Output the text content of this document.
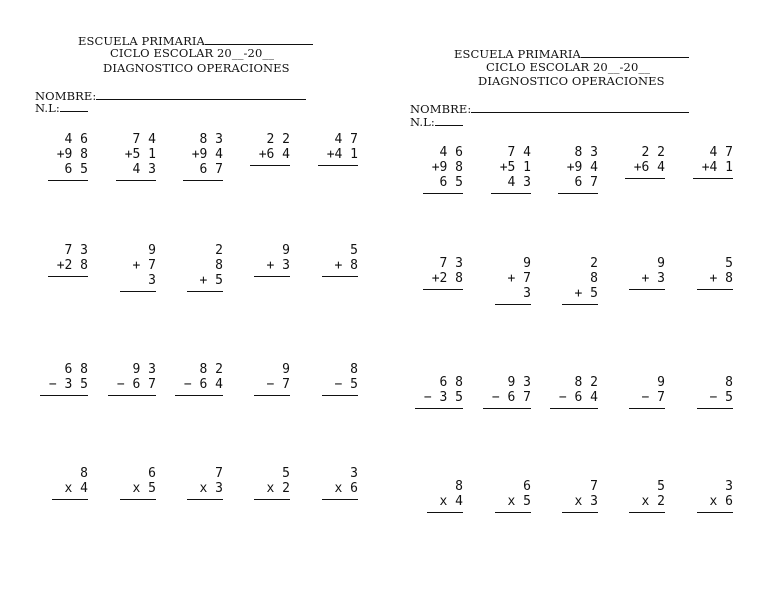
ESCUELA PRIMARIA
CICLO ESCOLAR 20__-20__
DIAGNOSTICO OPERACIONES
NOMBRE:
N.L:
4 6
+9 8
6 5
7 4
+5 1
4 3
8 3
+9 4
6 7
2 2
+6 4
4 7
+4 1
7 3
+2 8
9
+ 7
3
2
8
+ 5
9
+ 3
5
+ 8
6 8
− 3 5
9 3
− 6 7
8 2
− 6 4
9
− 7
8
− 5
8
x 4
6
x 5
7
x 3
5
x 2
3
x 6
ESCUELA PRIMARIA
CICLO ESCOLAR 20__-20__
DIAGNOSTICO OPERACIONES
NOMBRE:
N.L:
4 6
+9 8
6 5
7 4
+5 1
4 3
8 3
+9 4
6 7
2 2
+6 4
4 7
+4 1
7 3
+2 8
9
+ 7
3
2
8
+ 5
9
+ 3
5
+ 8
6 8
− 3 5
9 3
− 6 7
8 2
− 6 4
9
− 7
8
− 5
8
x 4
6
x 5
7
x 3
5
x 2
3
x 6
